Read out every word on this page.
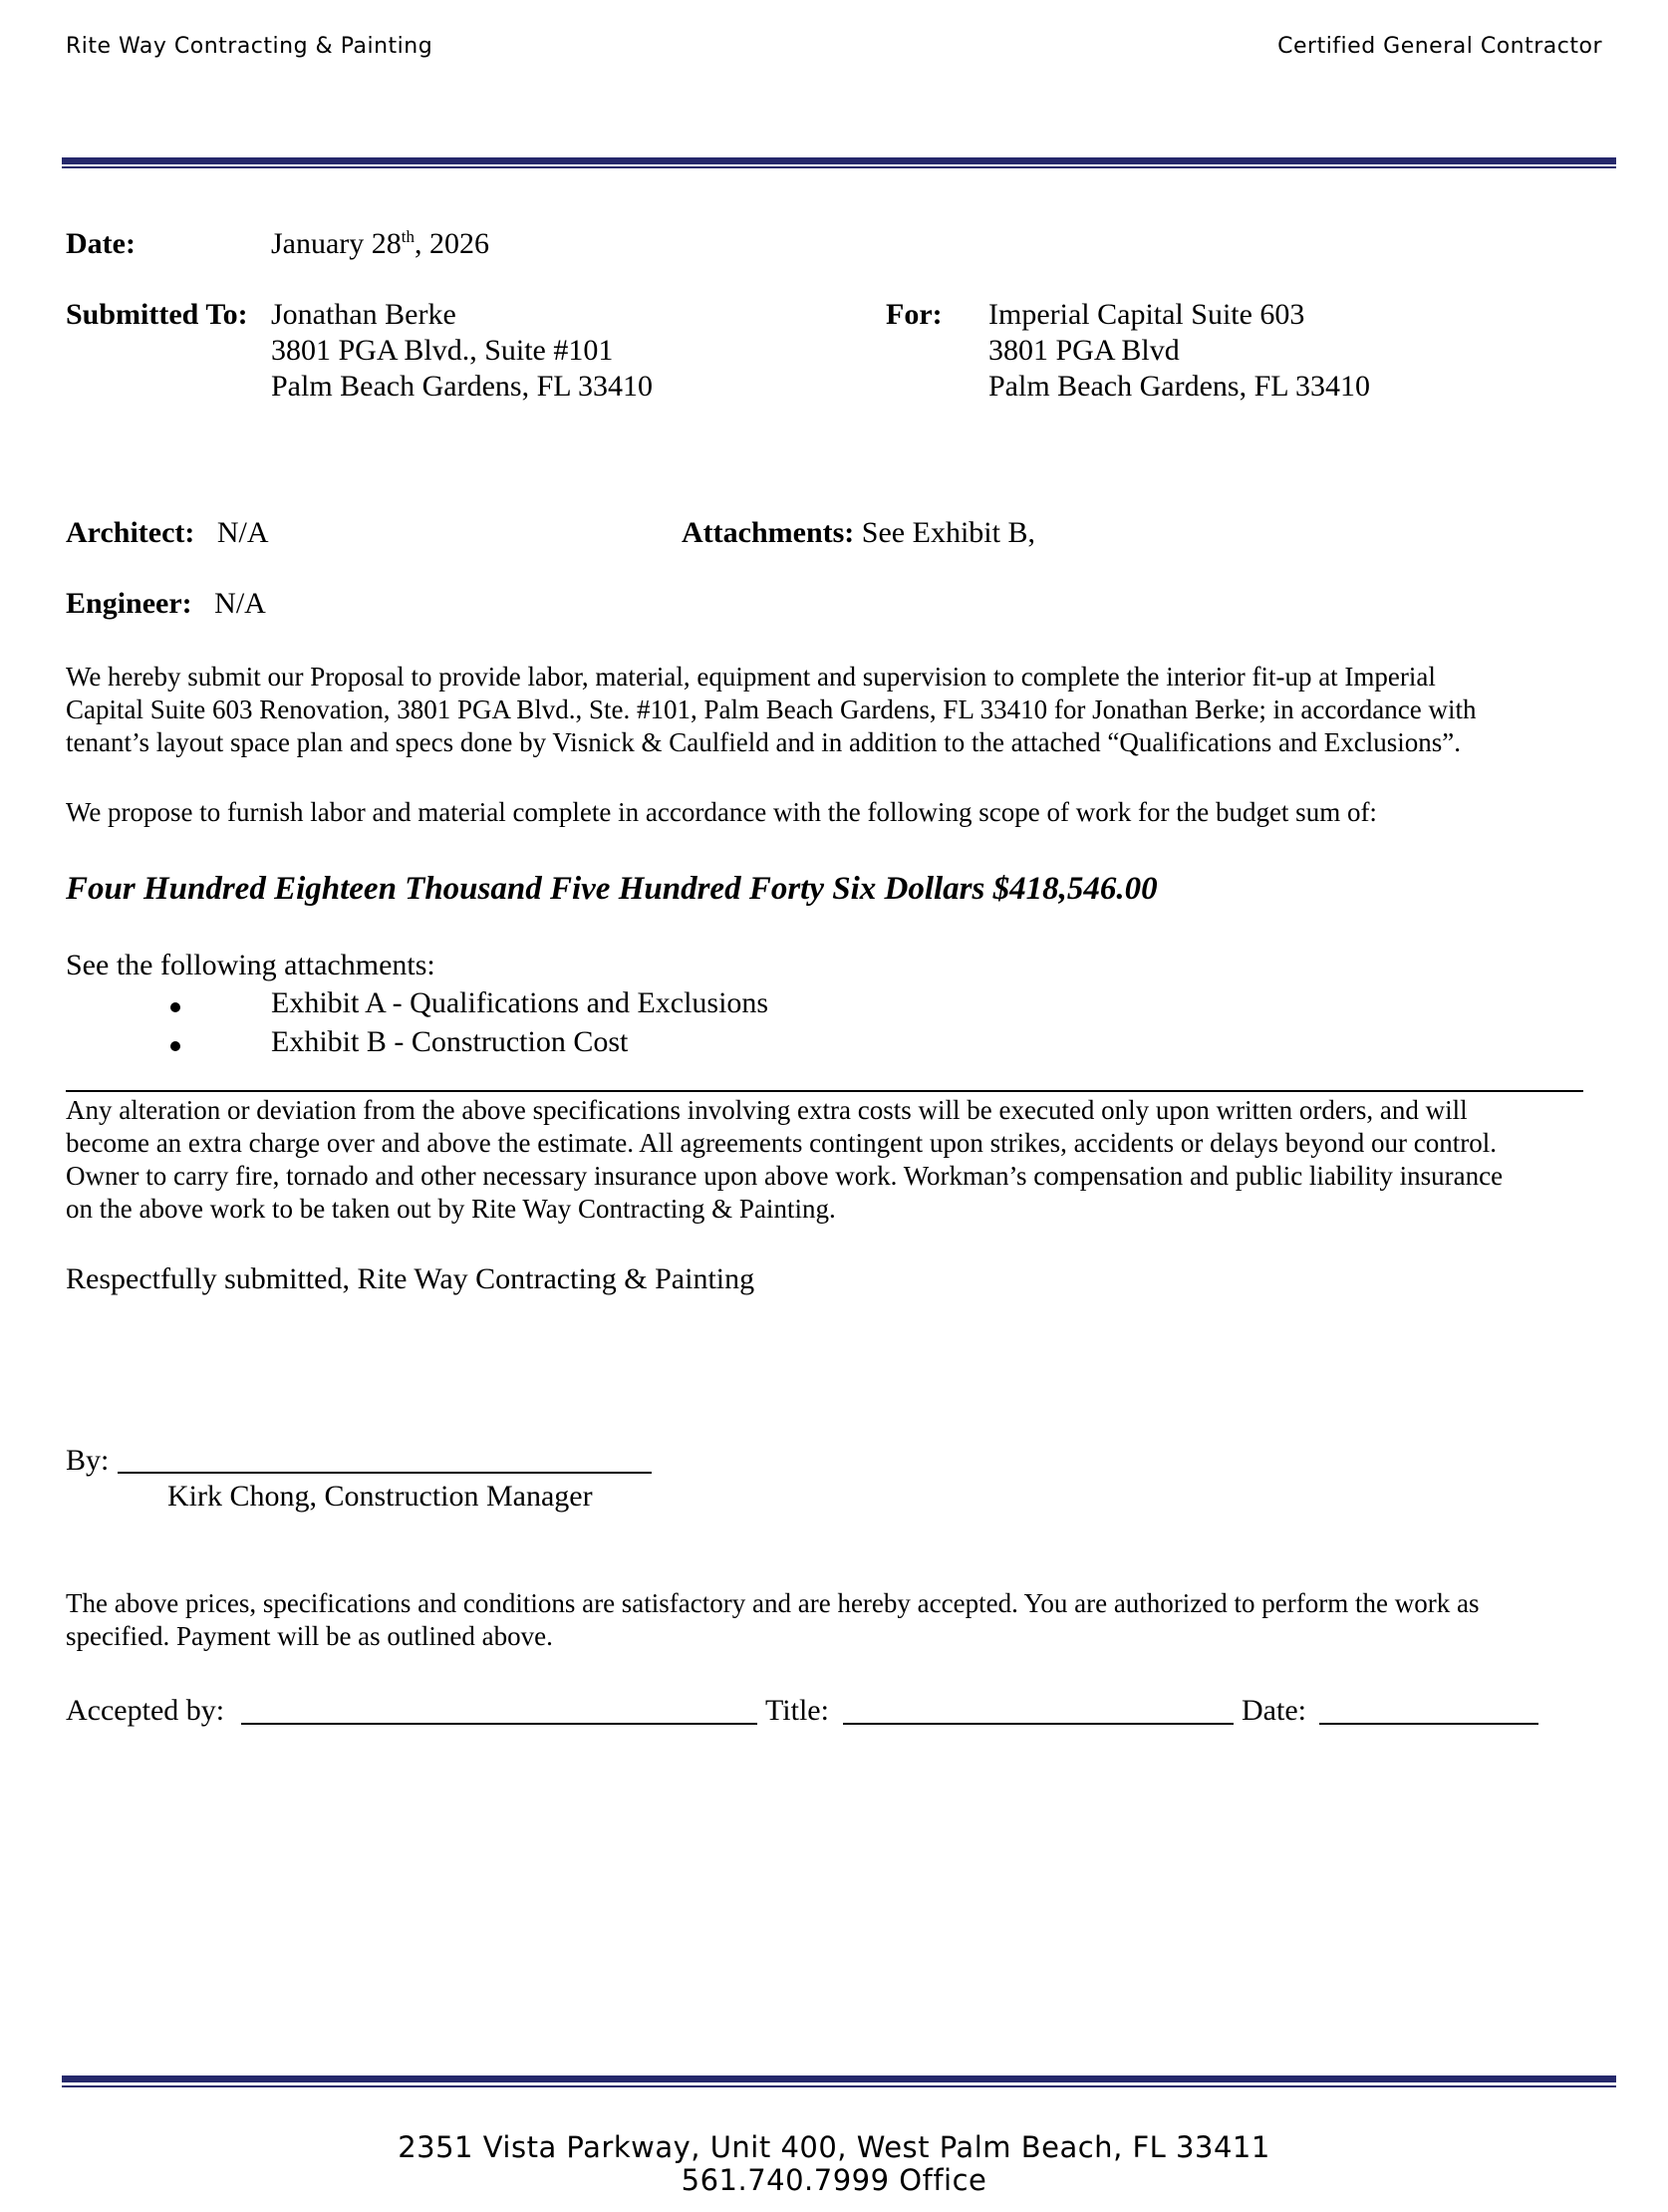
Rite Way Contracting & Painting	Certified General Contractor
Date:	January 28th, 2026
Submitted To: Jonathan Berke
3801 PGA Blvd., Suite #101
Palm Beach Gardens, FL 33410
For: Imperial Capital Suite 603
3801 PGA Blvd
Palm Beach Gardens, FL 33410
Architect: N/A	Attachments: See Exhibit B,
Engineer: N/A
We hereby submit our Proposal to provide labor, material, equipment and supervision to complete the interior fit-up at Imperial
Capital Suite 603 Renovation, 3801 PGA Blvd., Ste. #101, Palm Beach Gardens, FL 33410 for Jonathan Berke; in accordance with
tenant’s layout space plan and specs done by Visnick & Caulfield and in addition to the attached “Qualifications and Exclusions”.
We propose to furnish labor and material complete in accordance with the following scope of work for the budget sum of:
Four Hundred Eighteen Thousand Five Hundred Forty Six Dollars $418,546.00
See the following attachments:
Exhibit A - Qualifications and Exclusions
Exhibit B - Construction Cost
Any alteration or deviation from the above specifications involving extra costs will be executed only upon written orders, and will
become an extra charge over and above the estimate. All agreements contingent upon strikes, accidents or delays beyond our control.
Owner to carry fire, tornado and other necessary insurance upon above work. Workman’s compensation and public liability insurance
on the above work to be taken out by Rite Way Contracting & Painting.
Respectfully submitted, Rite Way Contracting & Painting
By:
Kirk Chong, Construction Manager
The above prices, specifications and conditions are satisfactory and are hereby accepted. You are authorized to perform the work as
specified. Payment will be as outlined above.
Accepted by:	Title:	Date:
2351 Vista Parkway, Unit 400, West Palm Beach, FL 33411
561.740.7999 Office
